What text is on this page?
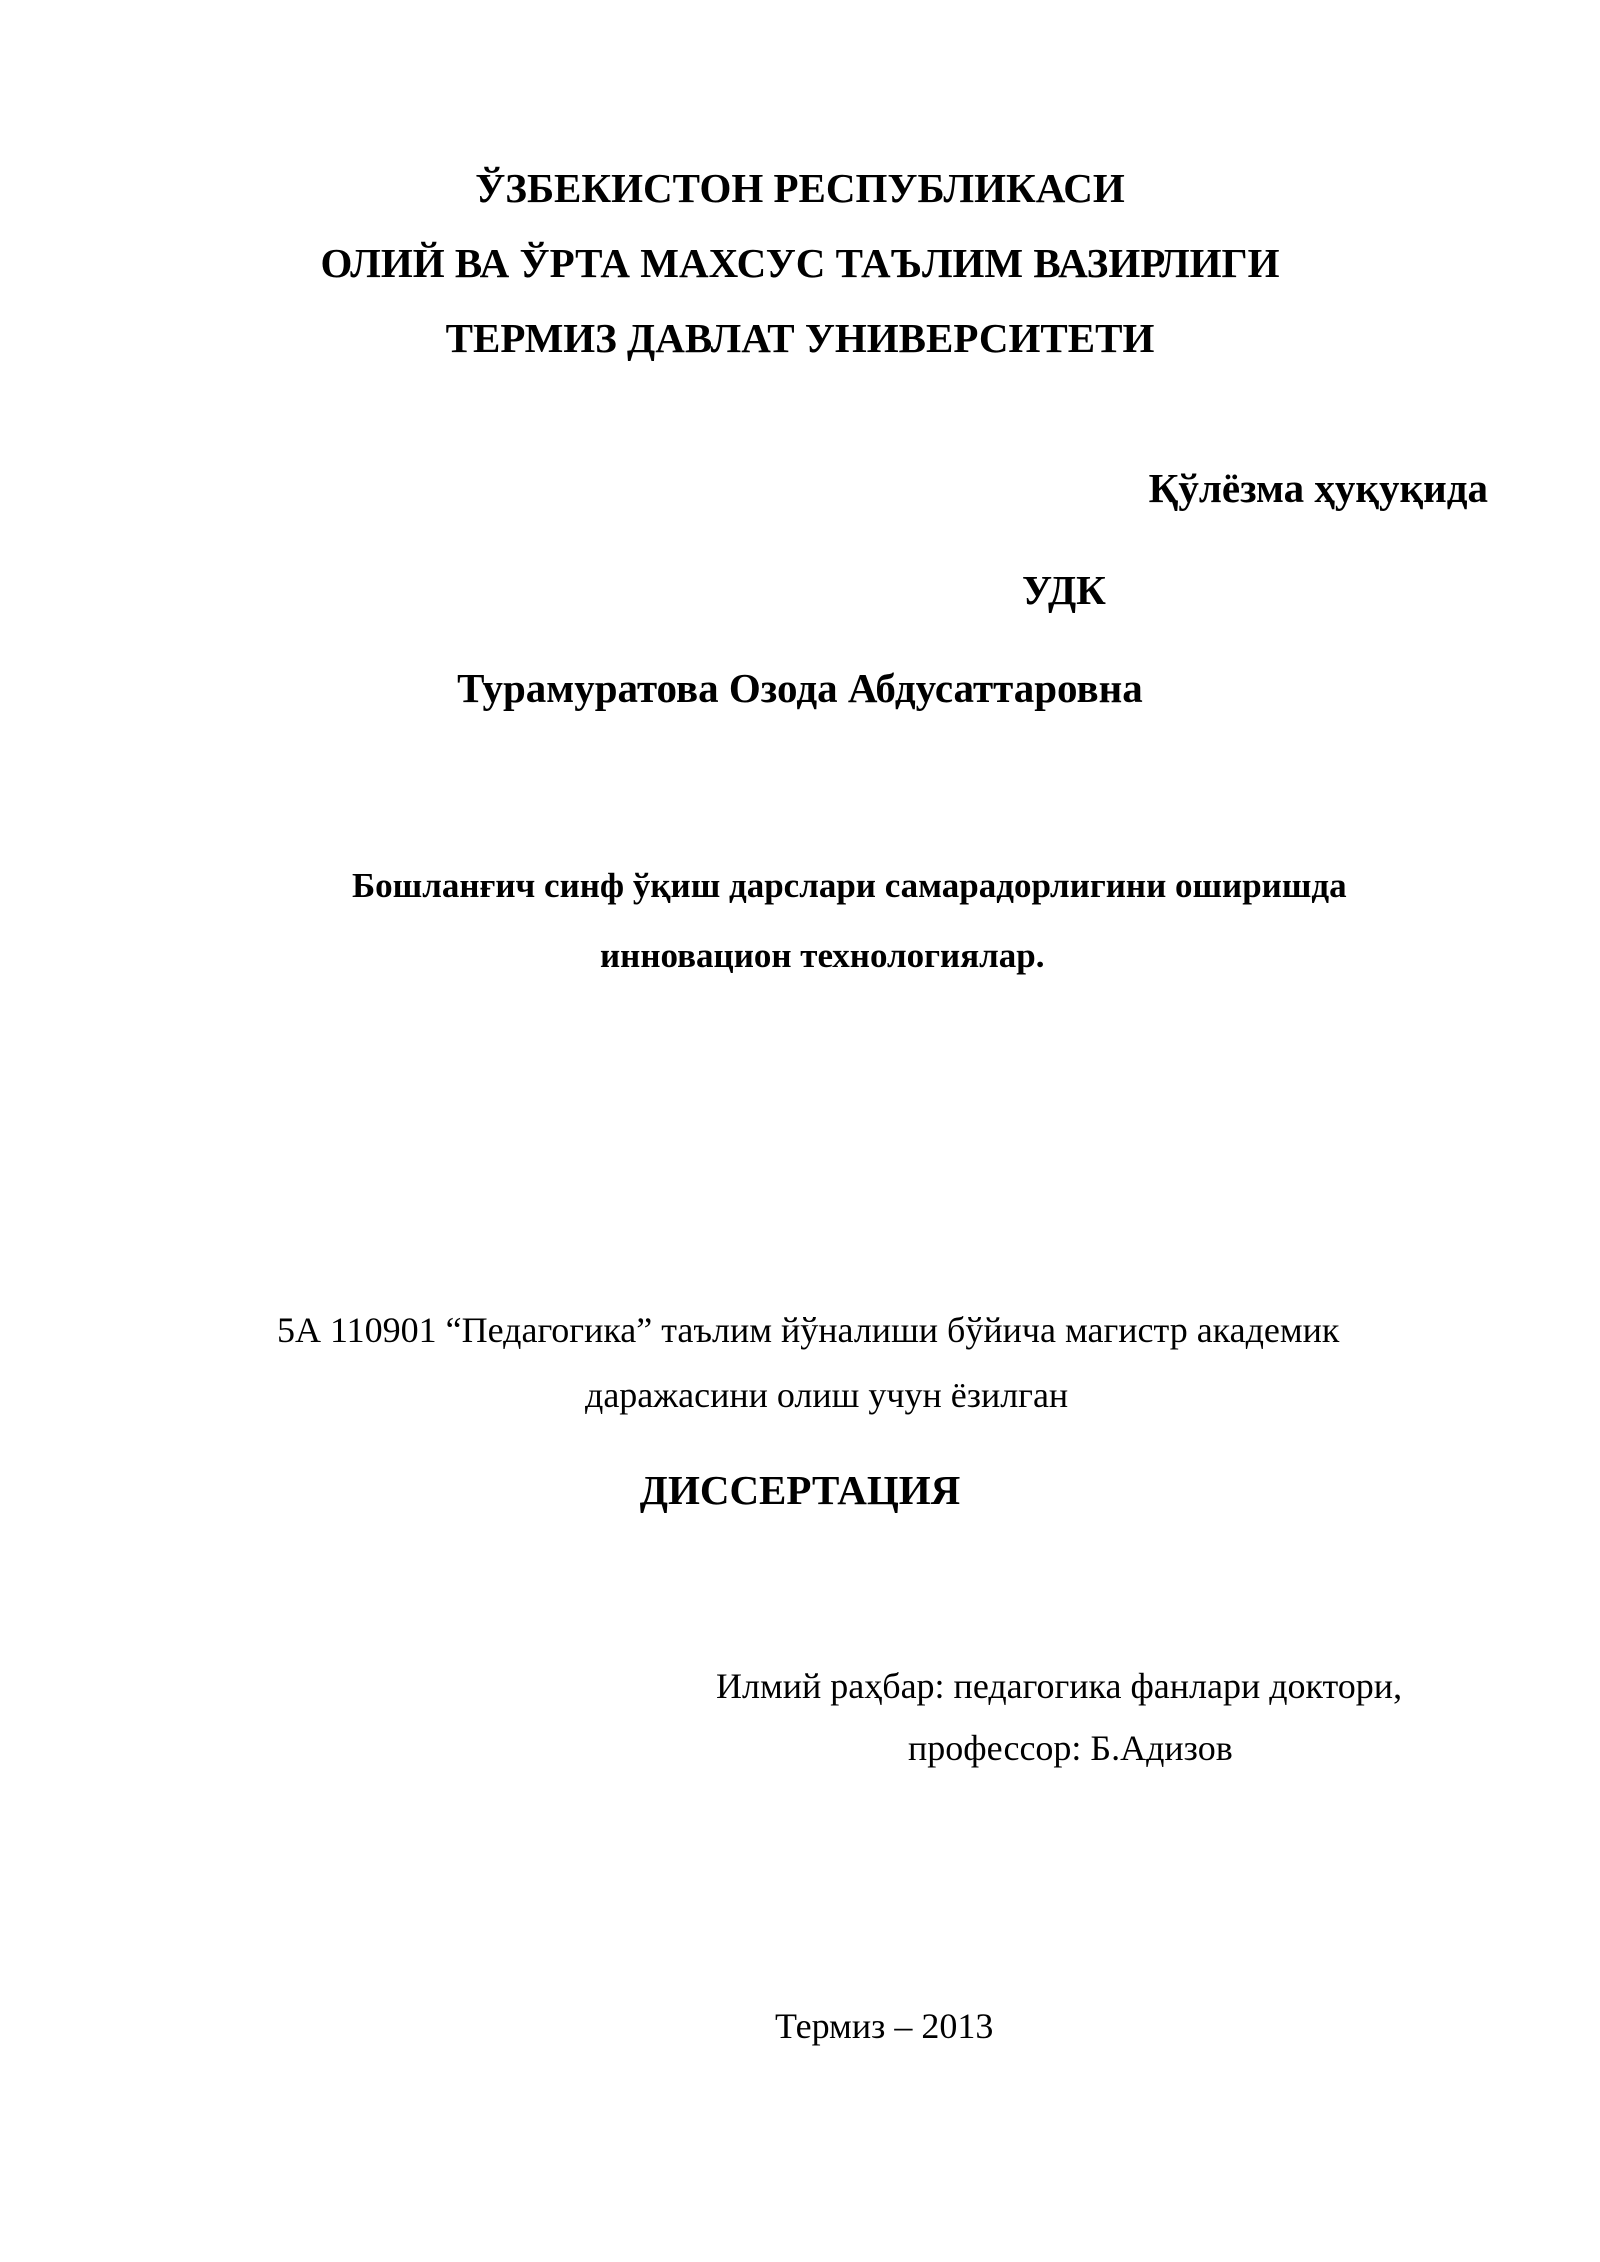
ЎЗБЕКИСТОН РЕСПУБЛИКАСИ
ОЛИЙ ВА ЎРТА МАХСУС ТАЪЛИМ ВАЗИРЛИГИ
ТЕРМИЗ ДАВЛАТ УНИВЕРСИТЕТИ
Қўлёзма ҳуқуқида
УДК
Турамуратова Озода Абдусаттаровна
Бошланғич синф ўқиш дарслари самарадорлигини оширишда
инновацион технологиялар.
5А 110901 “Педагогика” таълим йўналиши бўйича магистр академик
даражасини олиш учун ёзилган
ДИССЕРТАЦИЯ
Илмий раҳбар: педагогика фанлари доктори,
профессор: Б.Адизов
Термиз – 2013
